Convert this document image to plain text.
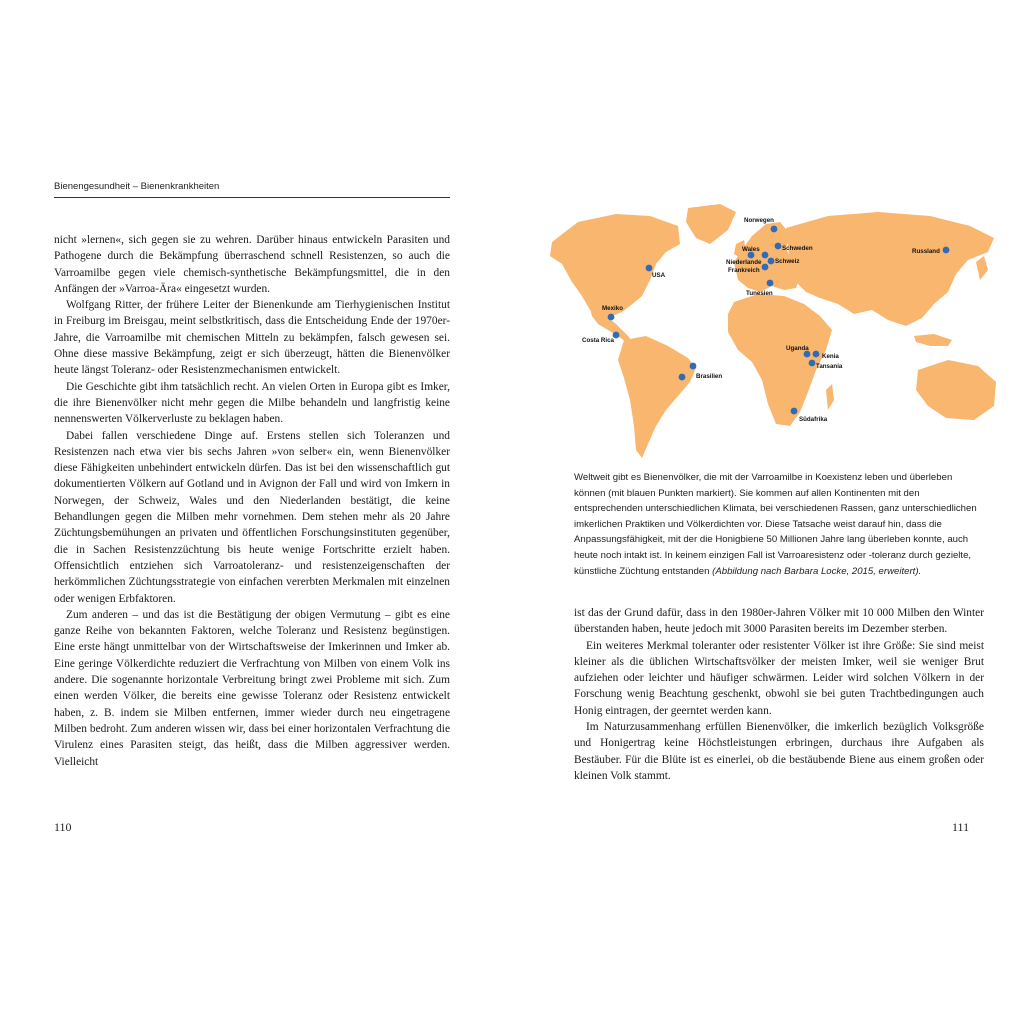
Bienengesundheit – Bienenkrankheiten

nicht »lernen«, sich gegen sie zu wehren. Darüber hinaus entwickeln Parasiten und Pathogene durch die Bekämpfung überraschend schnell Resistenzen, so auch die Varroamilbe gegen viele chemisch-synthetische Bekämpfungsmittel, die in den Anfängen der »Varroa-Ära« eingesetzt wurden.

Wolfgang Ritter, der frühere Leiter der Bienenkunde am Tierhygienischen Institut in Freiburg im Breisgau, meint selbstkritisch, dass die Entscheidung Ende der 1970er-Jahre, die Varroamilbe mit chemischen Mitteln zu bekämpfen, falsch gewesen sei. Ohne diese massive Bekämpfung, zeigt er sich überzeugt, hätten die Bienenvölker heute längst Toleranz- oder Resistenzmechanismen entwickelt.

Die Geschichte gibt ihm tatsächlich recht. An vielen Orten in Europa gibt es Imker, die ihre Bienenvölker nicht mehr gegen die Milbe behandeln und langfristig keine nennenswerten Völkerverluste zu beklagen haben.

Dabei fallen verschiedene Dinge auf. Erstens stellen sich Toleranzen und Resistenzen nach etwa vier bis sechs Jahren »von selber« ein, wenn Bienenvölker diese Fähigkeiten unbehindert entwickeln dürfen. Das ist bei den wissenschaftlich gut dokumentierten Völkern auf Gotland und in Avignon der Fall und wird von Imkern in Norwegen, der Schweiz, Wales und den Niederlanden bestätigt, die keine Behandlungen gegen die Milben mehr vornehmen. Dem stehen mehr als 20 Jahre Züchtungsbemühungen an privaten und öffentlichen Forschungsinstituten gegenüber, die in Sachen Resistenzzüchtung bis heute wenige Fortschritte erzielt haben. Offensichtlich entziehen sich Varroatoleranz- und resistenzeigenschaften der herkömmlichen Züchtungsstrategie von einfachen vererbten Merkmalen mit einzelnen oder wenigen Erbfaktoren.

Zum anderen – und das ist die Bestätigung der obigen Vermutung – gibt es eine ganze Reihe von bekannten Faktoren, welche Toleranz und Resistenz begünstigen. Eine erste hängt unmittelbar von der Wirtschaftsweise der Imkerinnen und Imker ab. Eine geringe Völkerdichte reduziert die Verfrachtung von Milben von einem Volk ins andere. Die sogenannte horizontale Verbreitung bringt zwei Probleme mit sich. Zum einen werden Völker, die bereits eine gewisse Toleranz oder Resistenz entwickelt haben, z. B. indem sie Milben entfernen, immer wieder durch neu eingetragene Milben bedroht. Zum anderen wissen wir, dass bei einer horizontalen Verfrachtung die Virulenz eines Parasiten steigt, das heißt, dass die Milben aggressiver werden. Vielleicht

110
Norwegen
Wales	Schweden
Niederlande Schweiz
Frankreich
Tunesien
Russland
USA
Mexiko
Costa Rica
Brasilien
Uganda
Kenia
Tansania
Südafrika

Weltweit gibt es Bienenvölker, die mit der Varroamilbe in Koexistenz leben und überleben können (mit blauen Punkten markiert). Sie kommen auf allen Kontinenten mit den entsprechenden unterschiedlichen Klimata, bei verschiedenen Rassen, ganz unterschiedlichen imkerlichen Praktiken und Völkerdichten vor. Diese Tatsache weist darauf hin, dass die Anpassungsfähigkeit, mit der die Honigbiene 50 Millionen Jahre lang überleben konnte, auch heute noch intakt ist. In keinem einzigen Fall ist Varroaresistenz oder -toleranz durch gezielte, künstliche Züchtung entstanden (Abbildung nach Barbara Locke, 2015, erweitert).

ist das der Grund dafür, dass in den 1980er-Jahren Völker mit 10 000 Milben den Winter überstanden haben, heute jedoch mit 3000 Parasiten bereits im Dezember sterben.

Ein weiteres Merkmal toleranter oder resistenter Völker ist ihre Größe: Sie sind meist kleiner als die üblichen Wirtschaftsvölker der meisten Imker, weil sie weniger Brut aufziehen oder leichter und häufiger schwärmen. Leider wird solchen Völkern in der Forschung wenig Beachtung geschenkt, obwohl sie bei guten Trachtbedingungen auch Honig eintragen, der geerntet werden kann.

Im Naturzusammenhang erfüllen Bienenvölker, die imkerlich bezüglich Volksgröße und Honigertrag keine Höchstleistungen erbringen, durchaus ihre Aufgaben als Bestäuber. Für die Blüte ist es einerlei, ob die bestäubende Biene aus einem großen oder kleinen Volk stammt.

111
